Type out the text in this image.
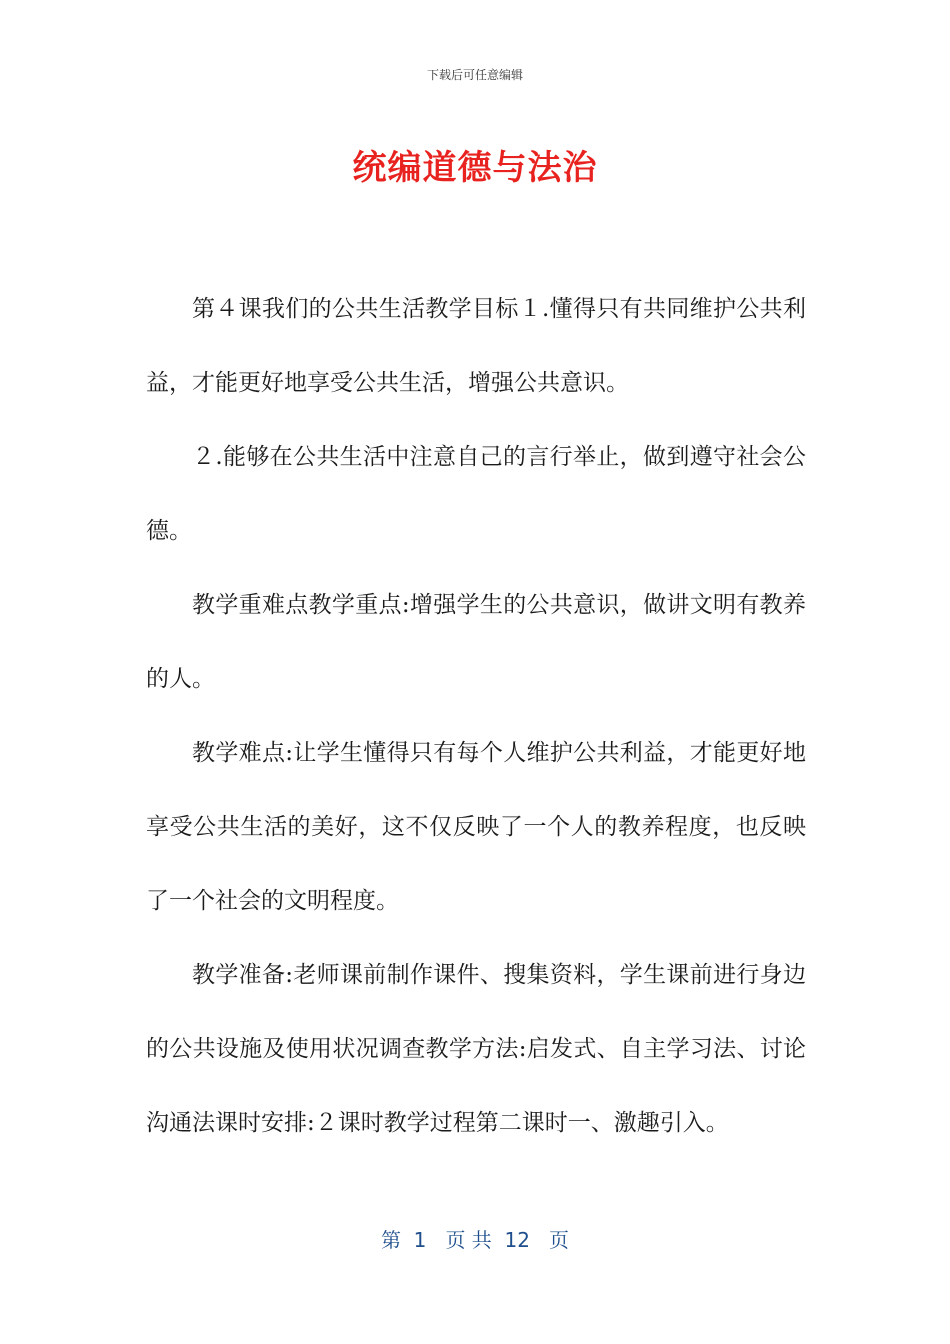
下载后可任意编辑
统编道德与法治

第４课我们的公共生活教学目标１.懂得只有共同维护公共利益，才能更好地享受公共生活，增强公共意识。

２.能够在公共生活中注意自己的言行举止，做到遵守社会公德。

教学重难点教学重点:增强学生的公共意识，做讲文明有教养的人。

教学难点:让学生懂得只有每个人维护公共利益，才能更好地享受公共生活的美好，这不仅反映了一个人的教养程度，也反映了一个社会的文明程度。

教学准备:老师课前制作课件、搜集资料，学生课前进行身边的公共设施及使用状况调查教学方法:启发式、自主学习法、讨论沟通法课时安排:２课时教学过程第二课时一、激趣引入。

第  1   页 共  12   页
